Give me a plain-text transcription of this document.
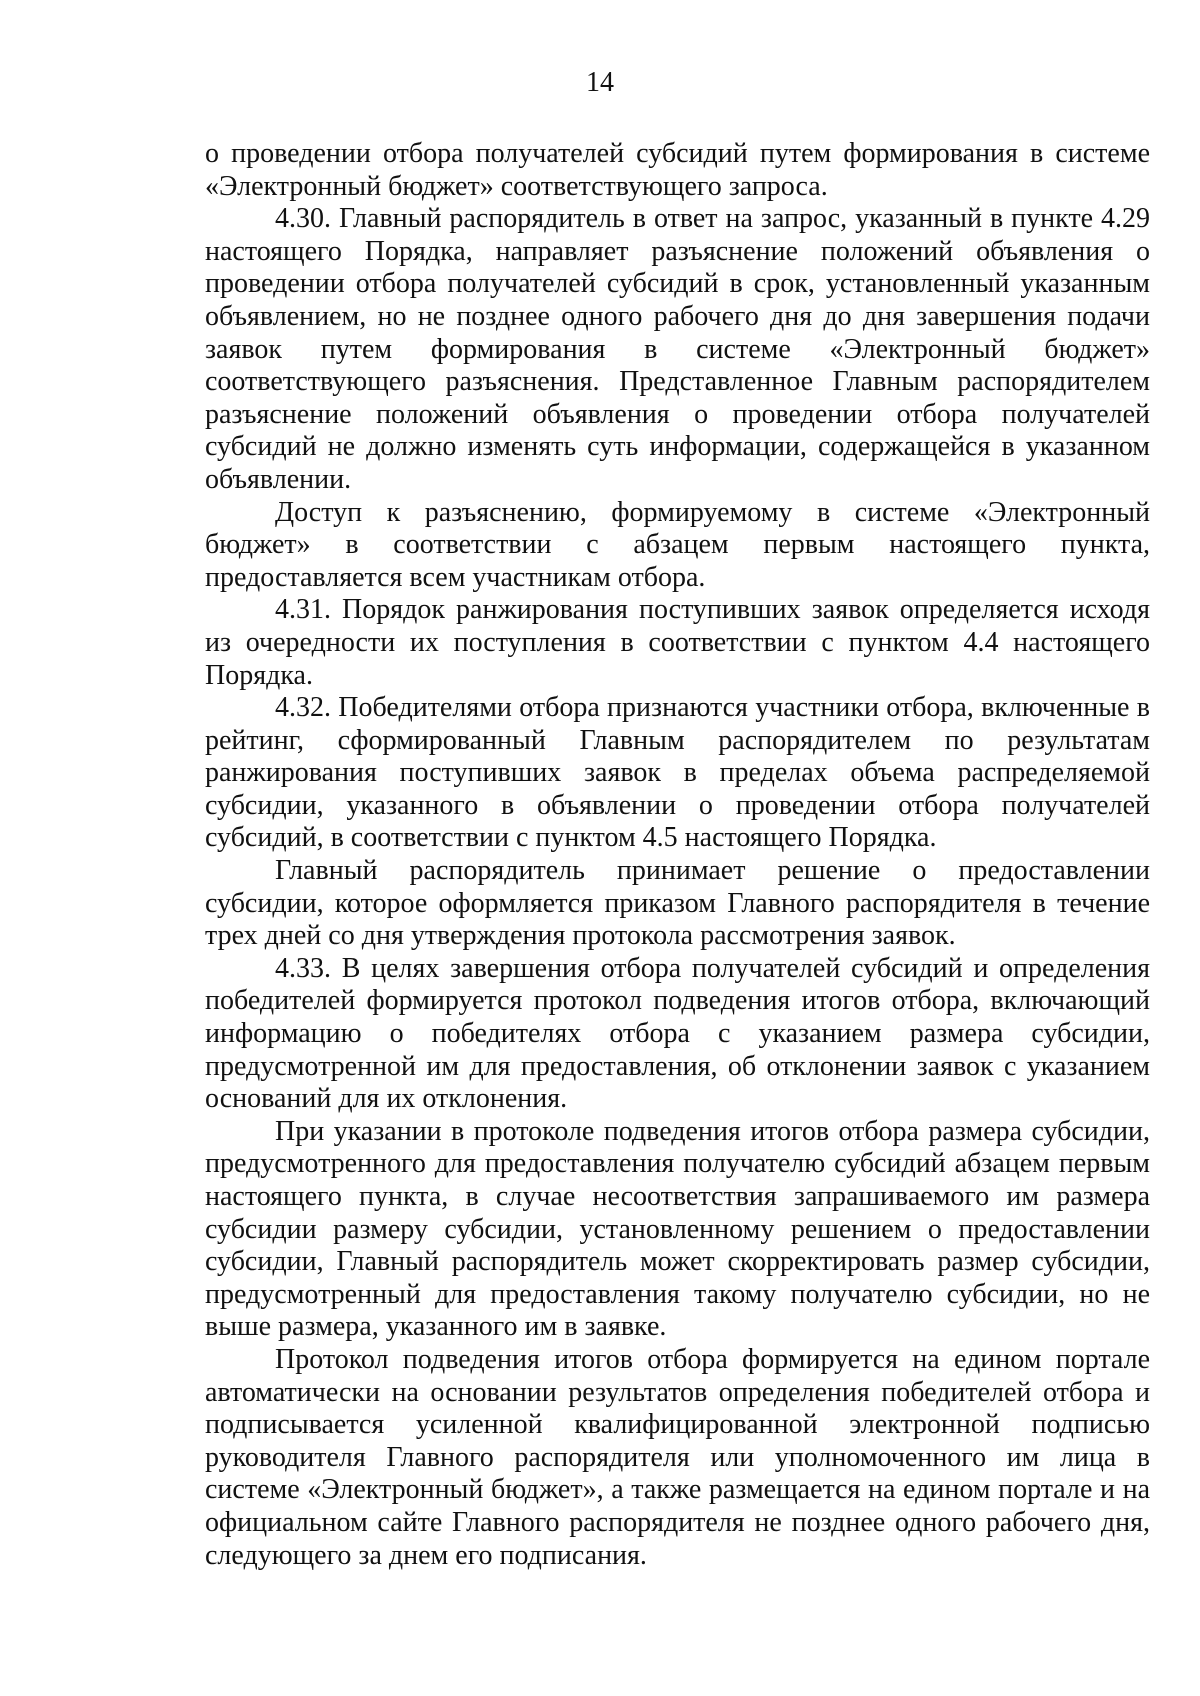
14

о проведении отбора получателей субсидий путем формирования в системе «Электронный бюджет» соответствующего запроса.

4.30. Главный распорядитель в ответ на запрос, указанный в пункте 4.29 настоящего Порядка, направляет разъяснение положений объявления о проведении отбора получателей субсидий в срок, установленный указанным объявлением, но не позднее одного рабочего дня до дня завершения подачи заявок путем формирования в системе «Электронный бюджет» соответствующего разъяснения. Представленное Главным распорядителем разъяснение положений объявления о проведении отбора получателей субсидий не должно изменять суть информации, содержащейся в указанном объявлении.

Доступ к разъяснению, формируемому в системе «Электронный бюджет» в соответствии с абзацем первым настоящего пункта, предоставляется всем участникам отбора.

4.31. Порядок ранжирования поступивших заявок определяется исходя из очередности их поступления в соответствии с пунктом 4.4 настоящего Порядка.

4.32. Победителями отбора признаются участники отбора, включенные в рейтинг, сформированный Главным распорядителем по результатам ранжирования поступивших заявок в пределах объема распределяемой субсидии, указанного в объявлении о проведении отбора получателей субсидий, в соответствии с пунктом 4.5 настоящего Порядка.

Главный распорядитель принимает решение о предоставлении субсидии, которое оформляется приказом Главного распорядителя в течение трех дней со дня утверждения протокола рассмотрения заявок.

4.33. В целях завершения отбора получателей субсидий и определения победителей формируется протокол подведения итогов отбора, включающий информацию о победителях отбора с указанием размера субсидии, предусмотренной им для предоставления, об отклонении заявок с указанием оснований для их отклонения.

При указании в протоколе подведения итогов отбора размера субсидии, предусмотренного для предоставления получателю субсидий абзацем первым настоящего пункта, в случае несоответствия запрашиваемого им размера субсидии размеру субсидии, установленному решением о предоставлении субсидии, Главный распорядитель может скорректировать размер субсидии, предусмотренный для предоставления такому получателю субсидии, но не выше размера, указанного им в заявке.

Протокол подведения итогов отбора формируется на едином портале автоматически на основании результатов определения победителей отбора и подписывается усиленной квалифицированной электронной подписью руководителя Главного распорядителя или уполномоченного им лица в системе «Электронный бюджет», а также размещается на едином портале и на официальном сайте Главного распорядителя не позднее одного рабочего дня, следующего за днем его подписания.
